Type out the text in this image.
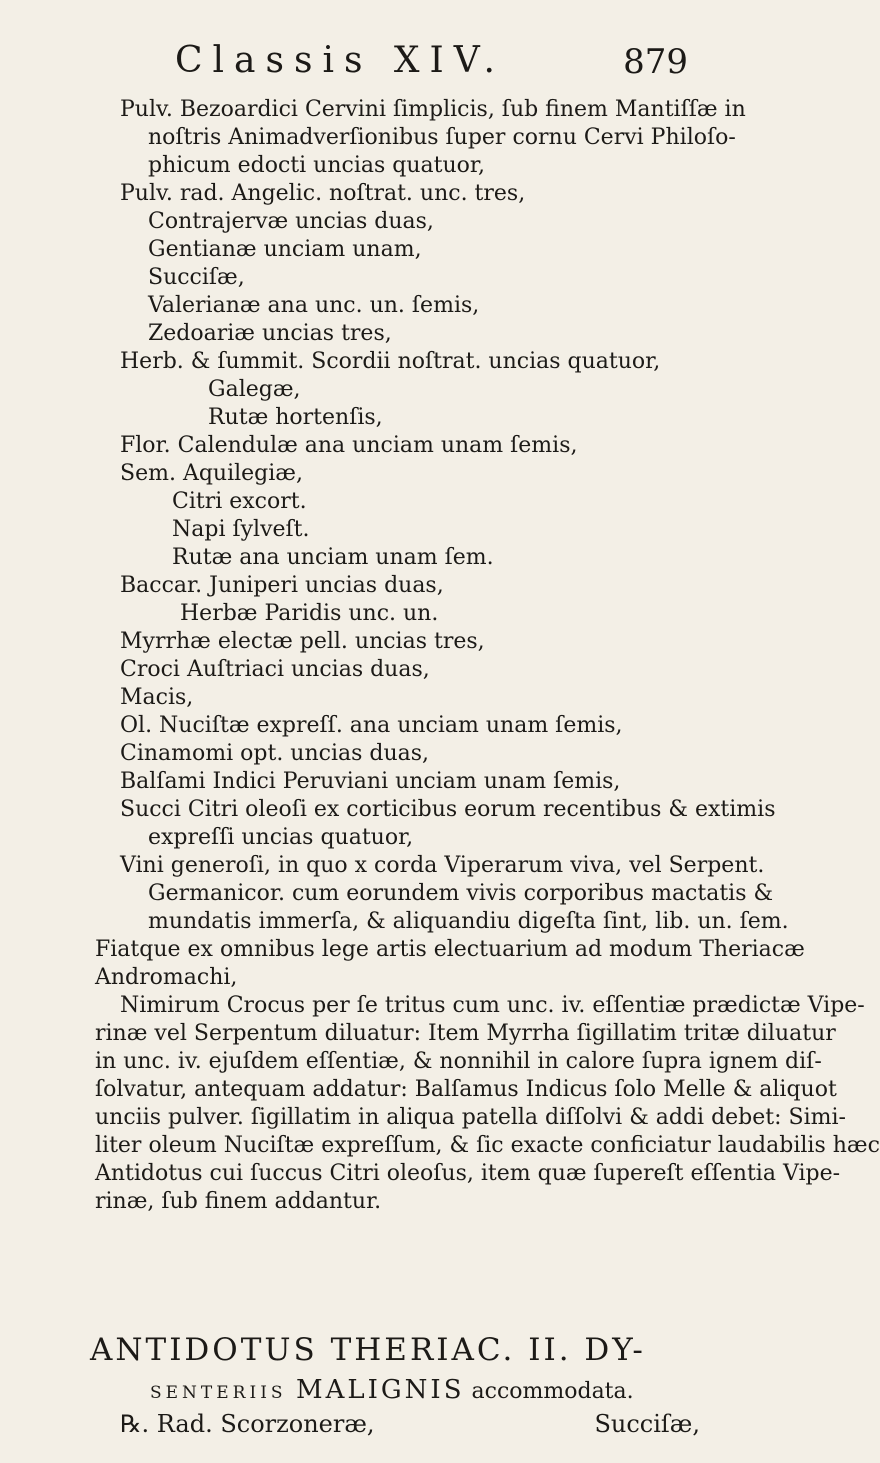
Classis XIV.	879
Pulv. Bezoardici Cervini ſimplicis, ſub finem Mantiſſæ in
noſtris Animadverſionibus ſuper cornu Cervi Philoſo-
phicum edocti uncias quatuor,
Pulv. rad. Angelic. noſtrat. unc. tres,
Contrajervæ uncias duas,
Gentianæ unciam unam,
Succiſæ,
Valerianæ ana unc. un. ſemis,
Zedoariæ uncias tres,
Herb. & ſummit. Scordii noſtrat. uncias quatuor,
Galegæ,
Rutæ hortenſis,
Flor. Calendulæ ana unciam unam ſemis,
Sem. Aquilegiæ,
Citri excort.
Napi ſylveſt.
Rutæ ana unciam unam ſem.
Baccar. Juniperi uncias duas,
Herbæ Paridis unc. un.
Myrrhæ electæ pell. uncias tres,
Croci Auſtriaci uncias duas,
Macis,
Ol. Nuciſtæ expreſſ. ana unciam unam ſemis,
Cinamomi opt. uncias duas,
Balſami Indici Peruviani unciam unam ſemis,
Succi Citri oleoſi ex corticibus eorum recentibus & extimis
expreſſi uncias quatuor,
Vini generoſi, in quo x corda Viperarum viva, vel Serpent.
Germanicor. cum eorundem vivis corporibus mactatis &
mundatis immerſa, & aliquandiu digeſta ſint, lib. un. ſem.
Fiatque ex omnibus lege artis electuarium ad modum Theriacæ
Andromachi,
Nimirum Crocus per ſe tritus cum unc. iv. eſſentiæ prædictæ Vipe-
rinæ vel Serpentum diluatur: Item Myrrha ſigillatim tritæ diluatur
in unc. iv. ejuſdem eſſentiæ, & nonnihil in calore ſupra ignem diſ-
ſolvatur, antequam addatur: Balſamus Indicus ſolo Melle & aliquot
unciis pulver. ſigillatim in aliqua patella diſſolvi & addi debet: Simi-
liter oleum Nuciſtæ expreſſum, & ſic exacte conficiatur laudabilis hæc
Antidotus cui ſuccus Citri oleoſus, item quæ ſupereſt eſſentia Vipe-
rinæ, ſub finem addantur.
ANTIDOTUS THERIAC. II. DY-
SENTERIIS MALIGNIS accommodata.
℞. Rad. Scorzoneræ,	Succiſæ,
